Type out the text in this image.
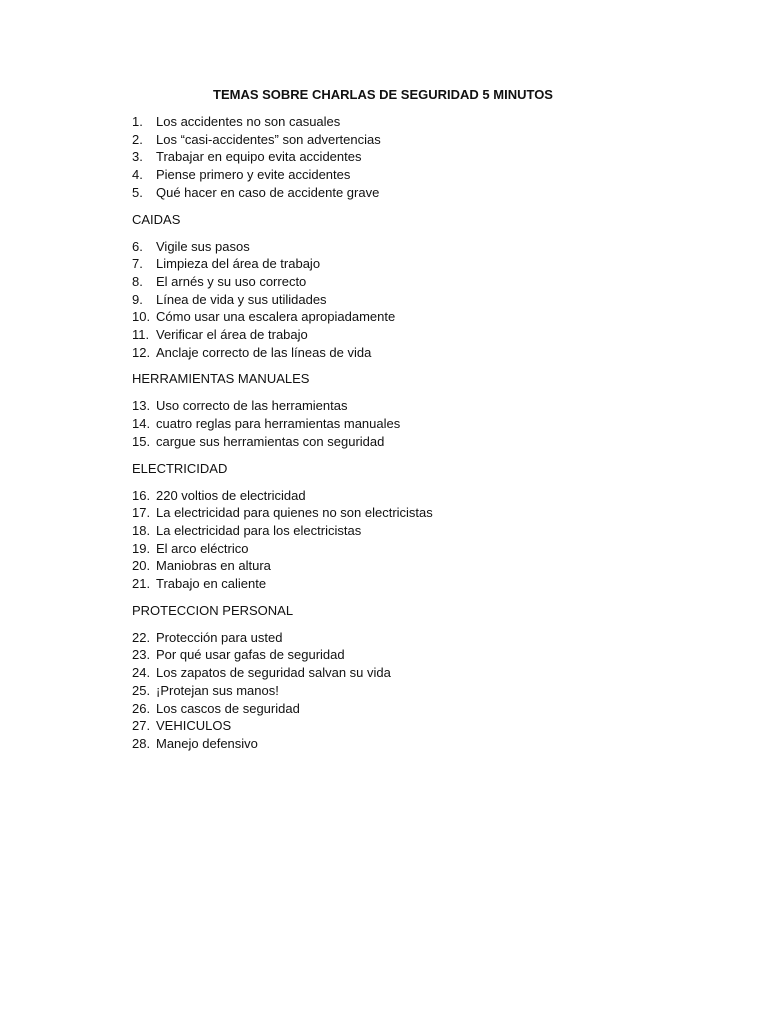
TEMAS SOBRE CHARLAS DE SEGURIDAD 5 MINUTOS
1.	Los accidentes no son casuales
2.	Los “casi-accidentes” son advertencias
3.	Trabajar en equipo evita accidentes
4.	Piense primero y evite accidentes
5.	Qué hacer en caso de accidente grave
CAIDAS
6.	Vigile sus pasos
7.	Limpieza del área de trabajo
8.	El arnés y su uso correcto
9.	Línea de vida y sus utilidades
10. Cómo usar una escalera apropiadamente
11. Verificar el área de trabajo
12. Anclaje correcto de las líneas de vida
HERRAMIENTAS MANUALES
13. Uso correcto de las herramientas
14. cuatro reglas para herramientas manuales
15. cargue sus herramientas con seguridad
ELECTRICIDAD
16. 220 voltios de electricidad
17. La electricidad para quienes no son electricistas
18. La electricidad para los electricistas
19. El arco eléctrico
20. Maniobras en altura
21. Trabajo en caliente
PROTECCION PERSONAL
22. Protección para usted
23. Por qué usar gafas de seguridad
24. Los zapatos de seguridad salvan su vida
25. ¡Protejan sus manos!
26. Los cascos de seguridad
27. VEHICULOS
28. Manejo defensivo
